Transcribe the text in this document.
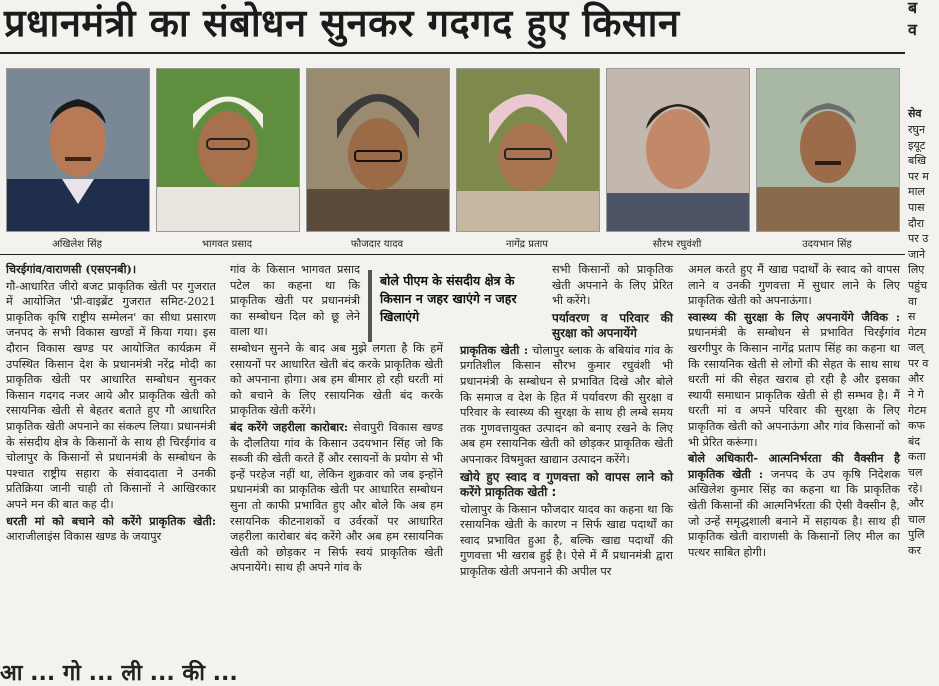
प्रधानमंत्री का संबोधन सुनकर गदगद हुए किसान
अखिलेश सिंह	भागवत प्रसाद	फौजदार यादव	नागेंद्र प्रताप	सौरभ रघुवंशी	उदयभान सिंह

चिरईगांव/वाराणसी (एसएनबी)।

गौ-आधारित जीरो बजट प्राकृतिक खेती पर गुजरात में आयोजित 'प्री-वाइब्रेंट गुजरात समिट-2021 प्राकृतिक कृषि राष्ट्रीय सम्मेलन' का सीधा प्रसारण जनपद के सभी विकास खण्डों में किया गया। इस दौरान विकास खण्ड पर आयोजित कार्यक्रम में उपस्थित किसान देश के प्रधानमंत्री नरेंद्र मोदी का प्राकृतिक खेती पर आधारित सम्बोधन सुनकर किसान गदगद नजर आये और प्राकृतिक खेती को रसायनिक खेती से बेहतर बताते हुए गौ आधारित प्राकृतिक खेती अपनाने का संकल्प लिया। प्रधानमंत्री के संसदीय क्षेत्र के किसानों के साथ ही चिरईगांव व चोलापुर के किसानों से प्रधानमंत्री के सम्बोधन के पश्चात राष्ट्रीय सहारा के संवाददाता ने उनकी प्रतिक्रिया जानी चाही तो किसानों ने आखिरकार अपने मन की बात कह दी।

धरती मां को बचाने को करेंगे प्राकृतिक खेती: आराजीलाइंस विकास खण्ड के जयापुर

गांव के किसान भागवत प्रसाद पटेल का कहना था कि प्राकृतिक खेती पर प्रधानमंत्री का सम्बोधन दिल को छू लेने वाला था।

सम्बोधन सुनने के बाद अब मुझे लगता है कि हमें रसायनों पर आधारित खेती बंद करके प्राकृतिक खेती को अपनाना होगा। अब हम बीमार हो रही धरती मां को बचाने के लिए रसायनिक खेती बंद करके प्राकृतिक खेती करेंगे।

बंद करेंगे जहरीला कारोबार: सेवापुरी विकास खण्ड के दौलतिया गांव के किसान उदयभान सिंह जो कि सब्जी की खेती करते हैं और रसायनों के प्रयोग से भी इन्हें परहेज नहीं था, लेकिन शुक्रवार को जब इन्होंने प्रधानमंत्री का प्राकृतिक खेती पर आधारित सम्बोधन सुना तो काफी प्रभावित हुए और बोले कि अब हम रसायनिक कीटनाशकों व उर्वरकों पर आधारित जहरीला कारोबार बंद करेंगे और अब हम रसायनिक खेती को छोड़कर न सिर्फ स्वयं प्राकृतिक खेती अपनायेंगे। साथ ही अपने गांव के

बोले पीएम के संसदीय क्षेत्र के किसान न जहर खाएंगे न जहर खिलाएंगे

सभी किसानों को प्राकृतिक खेती अपनाने के लिए प्रेरित भी करेंगे।

पर्यावरण व परिवार की सुरक्षा को अपनायेंगे

प्राकृतिक खेती : चोलापुर ब्लाक के बबियांव गांव के प्रगतिशील किसान सौरभ कुमार रघुवंशी भी प्रधानमंत्री के सम्बोधन से प्रभावित दिखे और बोले कि समाज व देश के हित में पर्यावरण की सुरक्षा व परिवार के स्वास्थ्य की सुरक्षा के साथ ही लम्बे समय तक गुणवत्तायुक्त उत्पादन को बनाए रखने के लिए अब हम रसायनिक खेती को छोड़कर प्राकृतिक खेती अपनाकर विषमुक्त खाद्यान उत्पादन करेंगे।

खोये हुए स्वाद व गुणवत्ता को वापस लाने को करेंगे प्राकृतिक खेती :

चोलापुर के किसान फौजदार यादव का कहना था कि रसायनिक खेती के कारण न सिर्फ खाद्य पदार्थों का स्वाद प्रभावित हुआ है, बल्कि खाद्य पदार्थों की गुणवत्ता भी खराब हुई है। ऐसे में मैं प्रधानमंत्री द्वारा प्राकृतिक खेती अपनाने की अपील पर

अमल करते हुए मैं खाद्य पदार्थों के स्वाद को वापस लाने व उनकी गुणवत्ता में सुधार लाने के लिए प्राकृतिक खेती को अपनाऊंगा।

स्वास्थ्य की सुरक्षा के लिए अपनायेंगे जैविक : प्रधानमंत्री के सम्बोधन से प्रभावित चिरईगांव खरगीपुर के किसान नागेंद्र प्रताप सिंह का कहना था कि रसायनिक खेती से लोगों की सेहत के साथ साथ धरती मां की सेहत खराब हो रही है और इसका स्थायी समाधान प्राकृतिक खेती से ही सम्भव है। मैं धरती मां व अपने परिवार की सुरक्षा के लिए प्राकृतिक खेती को अपनाऊंगा और गांव किसानों को भी प्रेरित करूंगा।

बोले अधिकारी- आत्मनिर्भरता की वैक्सीन है प्राकृतिक खेती : जनपद के उप कृषि निदेशक अखिलेश कुमार सिंह का कहना था कि प्राकृतिक खेती किसानों की आत्मनिर्भरता की ऐसी वैक्सीन है, जो उन्हें समृद्धशाली बनाने में सहायक है। साथ ही प्राकृतिक खेती वाराणसी के किसानों लिए मील का पत्थर साबित होगी।

ब
व
सेव
रघुन
इयूट
बखि
पर म
माल
पास
दौरा
पर उ
जाने
लिए
पहुंच
वा
स
गेटम
जल्
पर व
और
ने गे
गेटम
कफ
बंद
कता
चल
रहे।
और
चाल
पुलि
कर
आ ... गो ... ली ... की ...
